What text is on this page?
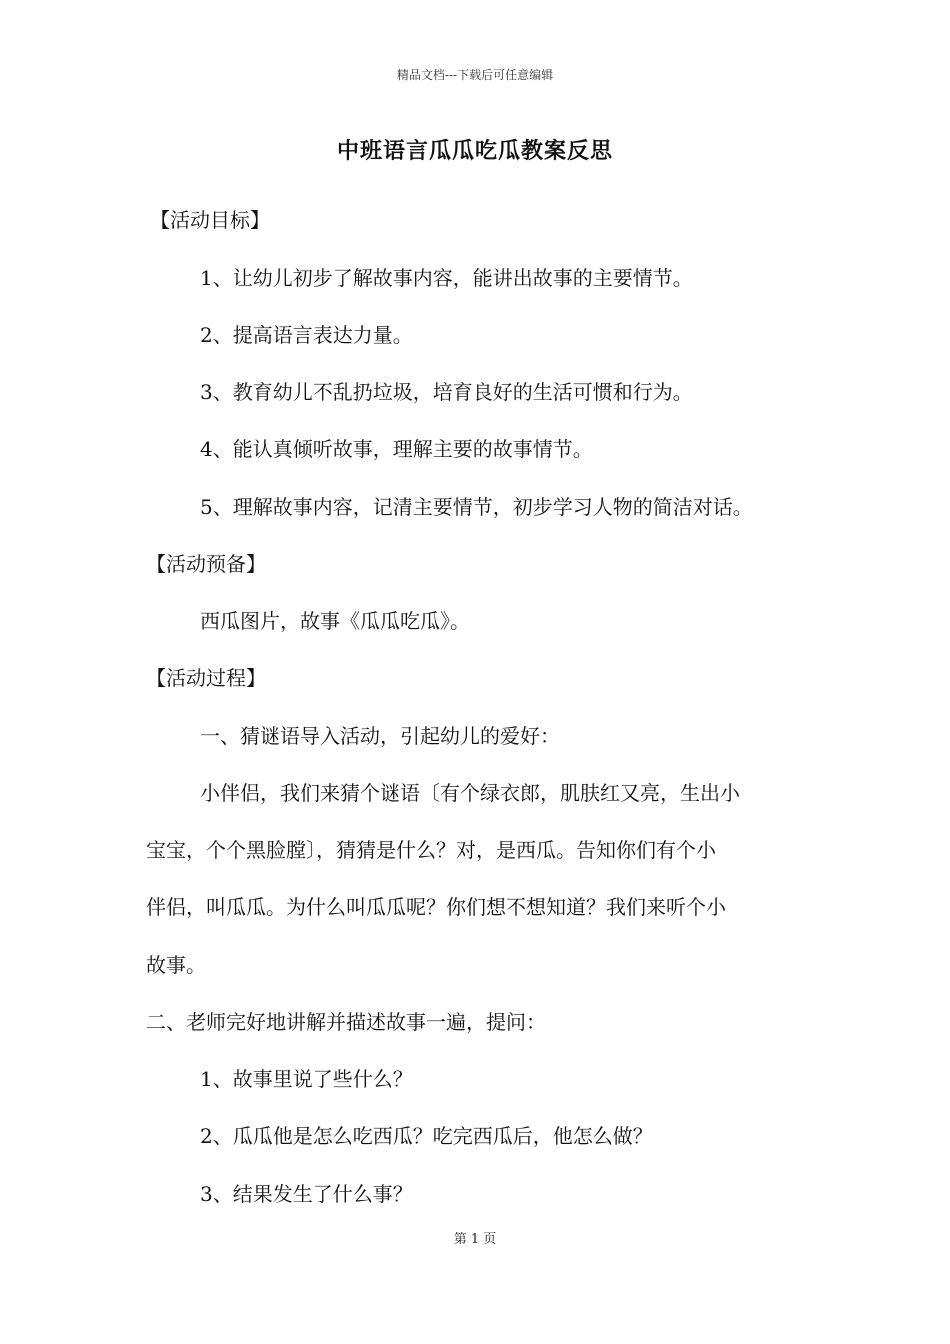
精品文档---下载后可任意编辑
中班语言瓜瓜吃瓜教案反思
【活动目标】
1、让幼儿初步了解故事内容，能讲出故事的主要情节。
2、提高语言表达力量。
3、教育幼儿不乱扔垃圾，培育良好的生活可惯和行为。
4、能认真倾听故事，理解主要的故事情节。
5、理解故事内容，记清主要情节，初步学习人物的简洁对话。
【活动预备】
西瓜图片，故事《瓜瓜吃瓜》。
【活动过程】
一、猜谜语导入活动，引起幼儿的爱好：
小伴侣，我们来猜个谜语〔有个绿衣郎，肌肤红又亮，生出小
宝宝，个个黑脸膛〕，猜猜是什么？对，是西瓜。告知你们有个小
伴侣，叫瓜瓜。为什么叫瓜瓜呢？你们想不想知道？我们来听个小
故事。
二、老师完好地讲解并描述故事一遍，提问：
1、故事里说了些什么？
2、瓜瓜他是怎么吃西瓜？吃完西瓜后，他怎么做？
3、结果发生了什么事？
第 1 页
